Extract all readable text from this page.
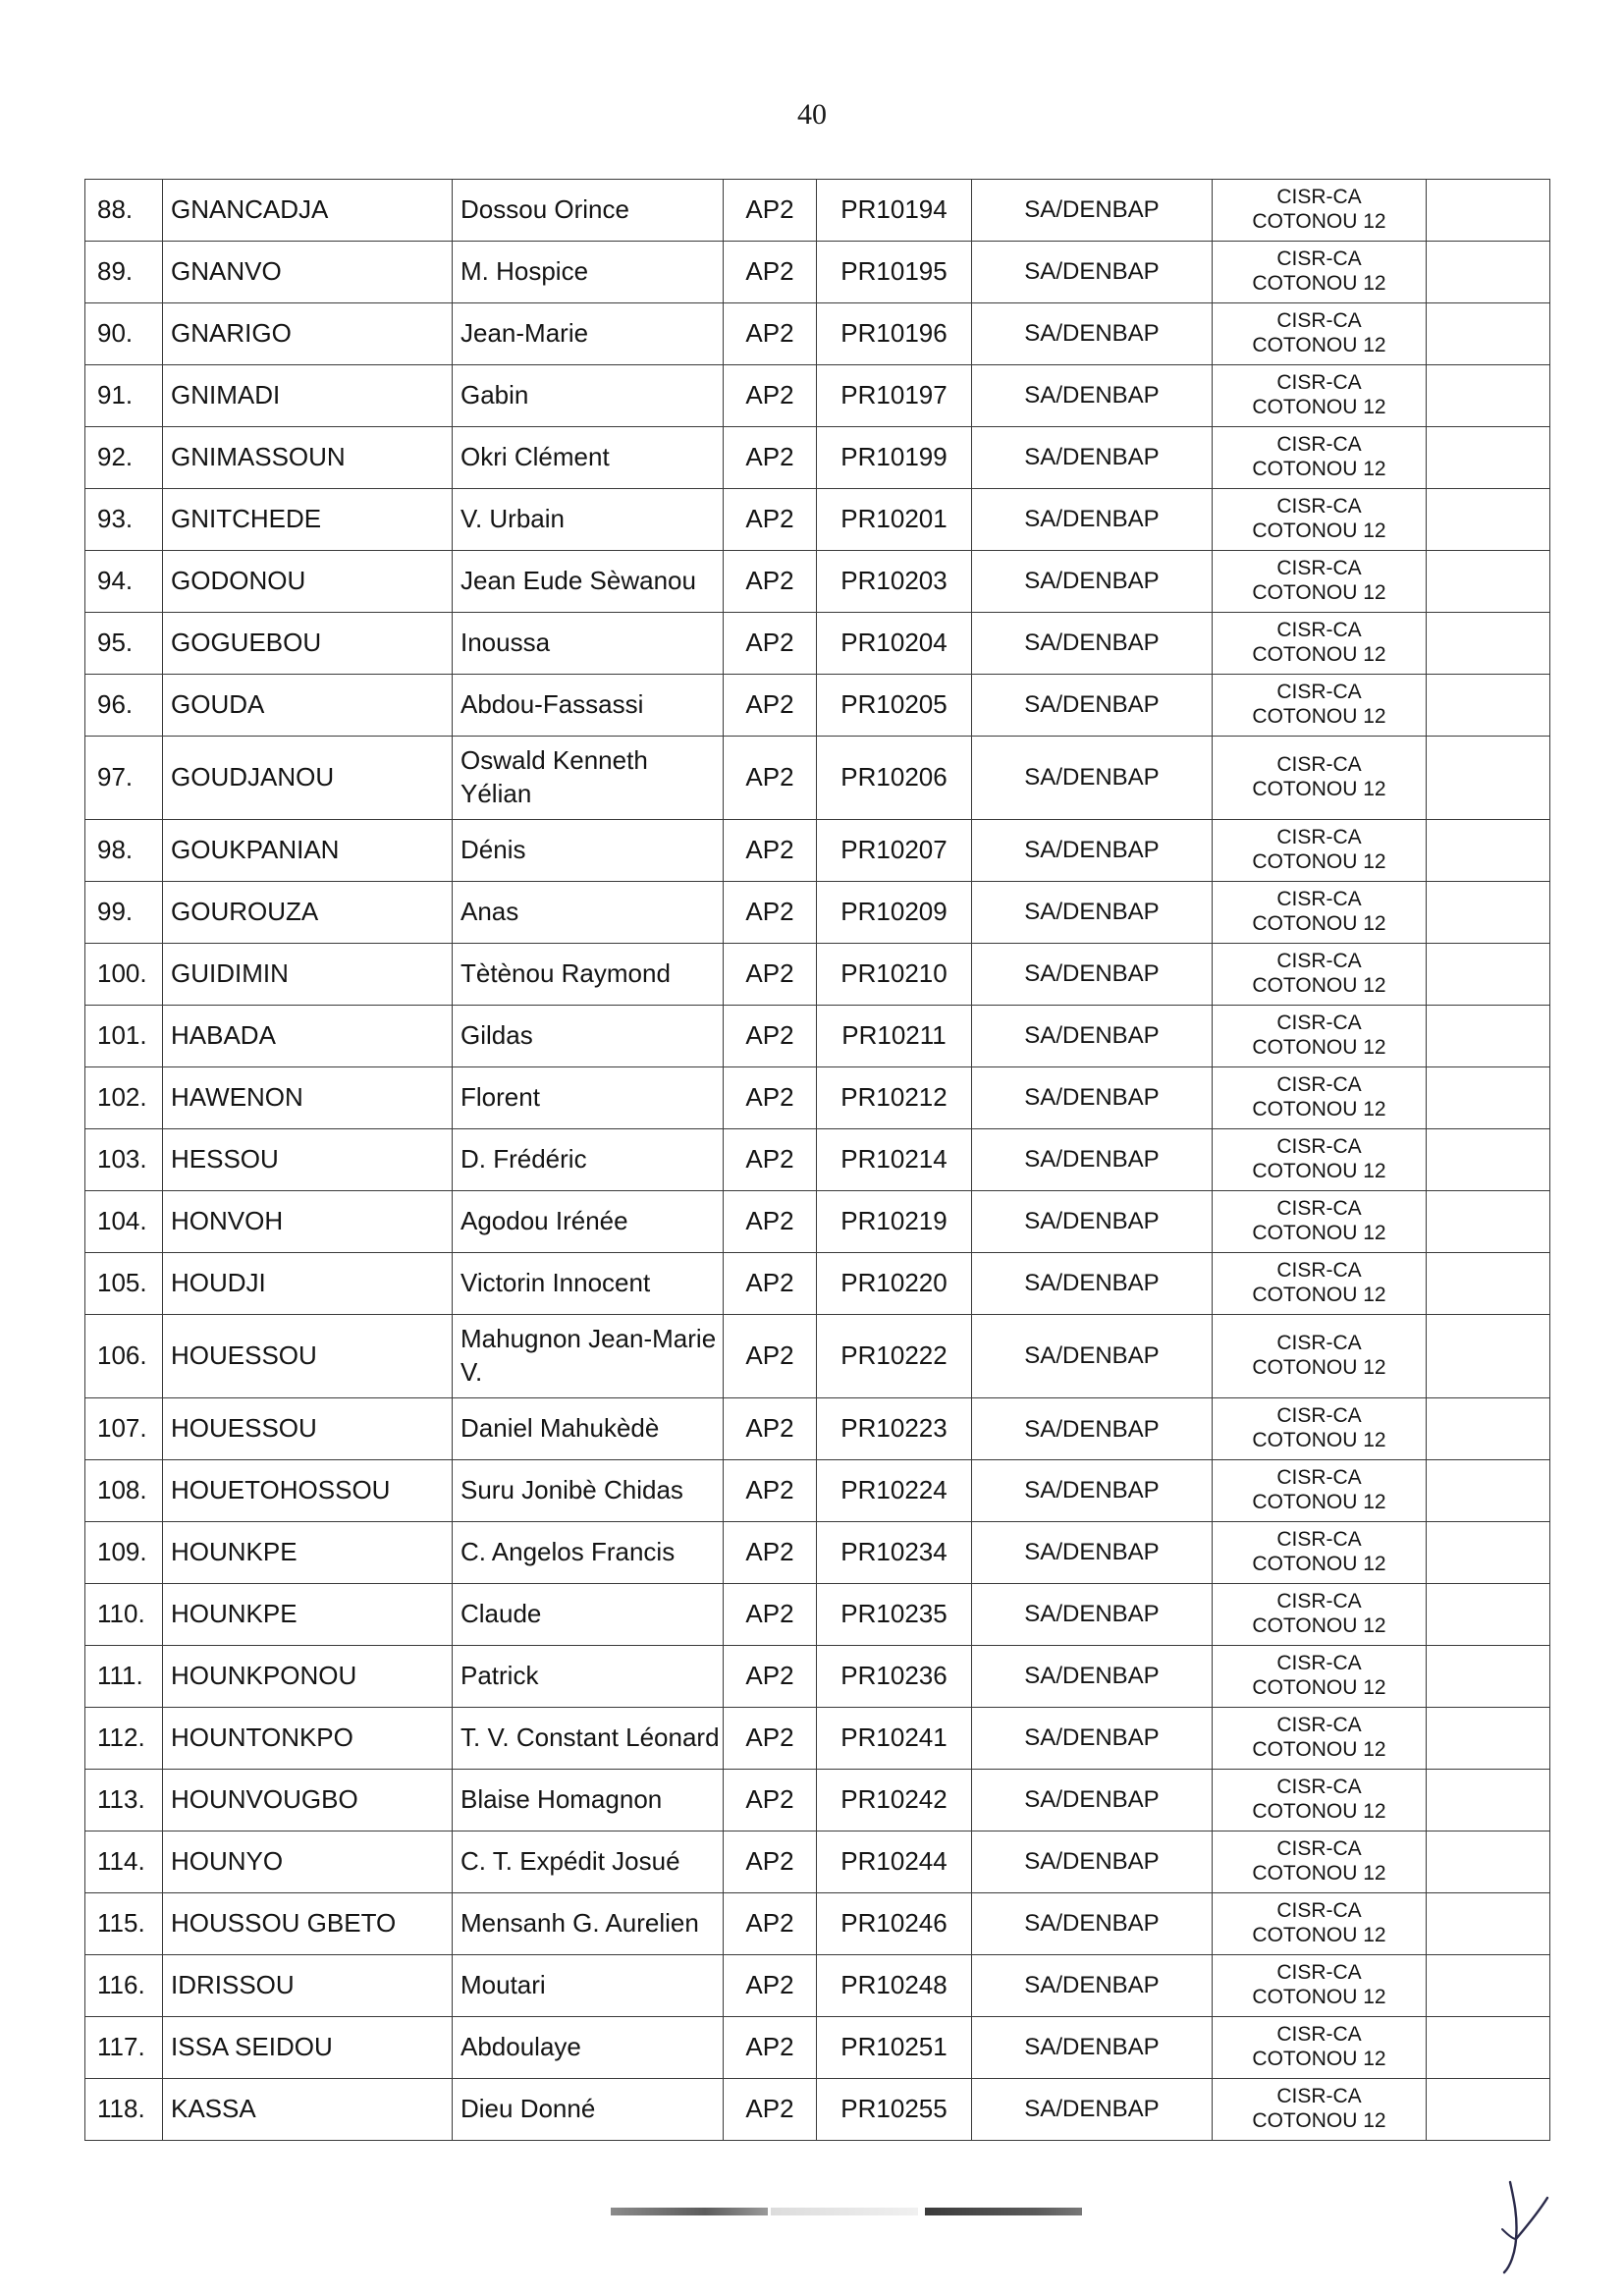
40
88.	GNANCADJA	Dossou Orince	AP2	PR10194	SA/DENBAP	CISR-CA
COTONOU 12	

89.	GNANVO	M. Hospice	AP2	PR10195	SA/DENBAP	CISR-CA
COTONOU 12	

90.	GNARIGO	Jean-Marie	AP2	PR10196	SA/DENBAP	CISR-CA
COTONOU 12	

91.	GNIMADI	Gabin	AP2	PR10197	SA/DENBAP	CISR-CA
COTONOU 12	

92.	GNIMASSOUN	Okri Clément	AP2	PR10199	SA/DENBAP	CISR-CA
COTONOU 12	

93.	GNITCHEDE	V. Urbain	AP2	PR10201	SA/DENBAP	CISR-CA
COTONOU 12	

94.	GODONOU	Jean Eude Sèwanou	AP2	PR10203	SA/DENBAP	CISR-CA
COTONOU 12	

95.	GOGUEBOU	Inoussa	AP2	PR10204	SA/DENBAP	CISR-CA
COTONOU 12	

96.	GOUDA	Abdou-Fassassi	AP2	PR10205	SA/DENBAP	CISR-CA
COTONOU 12	

97.	GOUDJANOU	Oswald Kenneth Yélian	AP2	PR10206	SA/DENBAP	CISR-CA
COTONOU 12	

98.	GOUKPANIAN	Dénis	AP2	PR10207	SA/DENBAP	CISR-CA
COTONOU 12	

99.	GOUROUZA	Anas	AP2	PR10209	SA/DENBAP	CISR-CA
COTONOU 12	

100.	GUIDIMIN	Tètènou Raymond	AP2	PR10210	SA/DENBAP	CISR-CA
COTONOU 12	

101.	HABADA	Gildas	AP2	PR10211	SA/DENBAP	CISR-CA
COTONOU 12	

102.	HAWENON	Florent	AP2	PR10212	SA/DENBAP	CISR-CA
COTONOU 12	

103.	HESSOU	D. Frédéric	AP2	PR10214	SA/DENBAP	CISR-CA
COTONOU 12	

104.	HONVOH	Agodou Irénée	AP2	PR10219	SA/DENBAP	CISR-CA
COTONOU 12	

105.	HOUDJI	Victorin Innocent	AP2	PR10220	SA/DENBAP	CISR-CA
COTONOU 12	

106.	HOUESSOU	Mahugnon Jean-Marie V.	AP2	PR10222	SA/DENBAP	CISR-CA
COTONOU 12	

107.	HOUESSOU	Daniel Mahukèdè	AP2	PR10223	SA/DENBAP	CISR-CA
COTONOU 12	

108.	HOUETOHOSSOU	Suru Jonibè Chidas	AP2	PR10224	SA/DENBAP	CISR-CA
COTONOU 12	

109.	HOUNKPE	C. Angelos Francis	AP2	PR10234	SA/DENBAP	CISR-CA
COTONOU 12	

110.	HOUNKPE	Claude	AP2	PR10235	SA/DENBAP	CISR-CA
COTONOU 12	

111.	HOUNKPONOU	Patrick	AP2	PR10236	SA/DENBAP	CISR-CA
COTONOU 12	

112.	HOUNTONKPO	T. V. Constant Léonard	AP2	PR10241	SA/DENBAP	CISR-CA
COTONOU 12	

113.	HOUNVOUGBO	Blaise Homagnon	AP2	PR10242	SA/DENBAP	CISR-CA
COTONOU 12	

114.	HOUNYO	C. T. Expédit Josué	AP2	PR10244	SA/DENBAP	CISR-CA
COTONOU 12	

115.	HOUSSOU GBETO	Mensanh G. Aurelien	AP2	PR10246	SA/DENBAP	CISR-CA
COTONOU 12	

116.	IDRISSOU	Moutari	AP2	PR10248	SA/DENBAP	CISR-CA
COTONOU 12	

117.	ISSA SEIDOU	Abdoulaye	AP2	PR10251	SA/DENBAP	CISR-CA
COTONOU 12	

118.	KASSA	Dieu Donné	AP2	PR10255	SA/DENBAP	CISR-CA
COTONOU 12	
